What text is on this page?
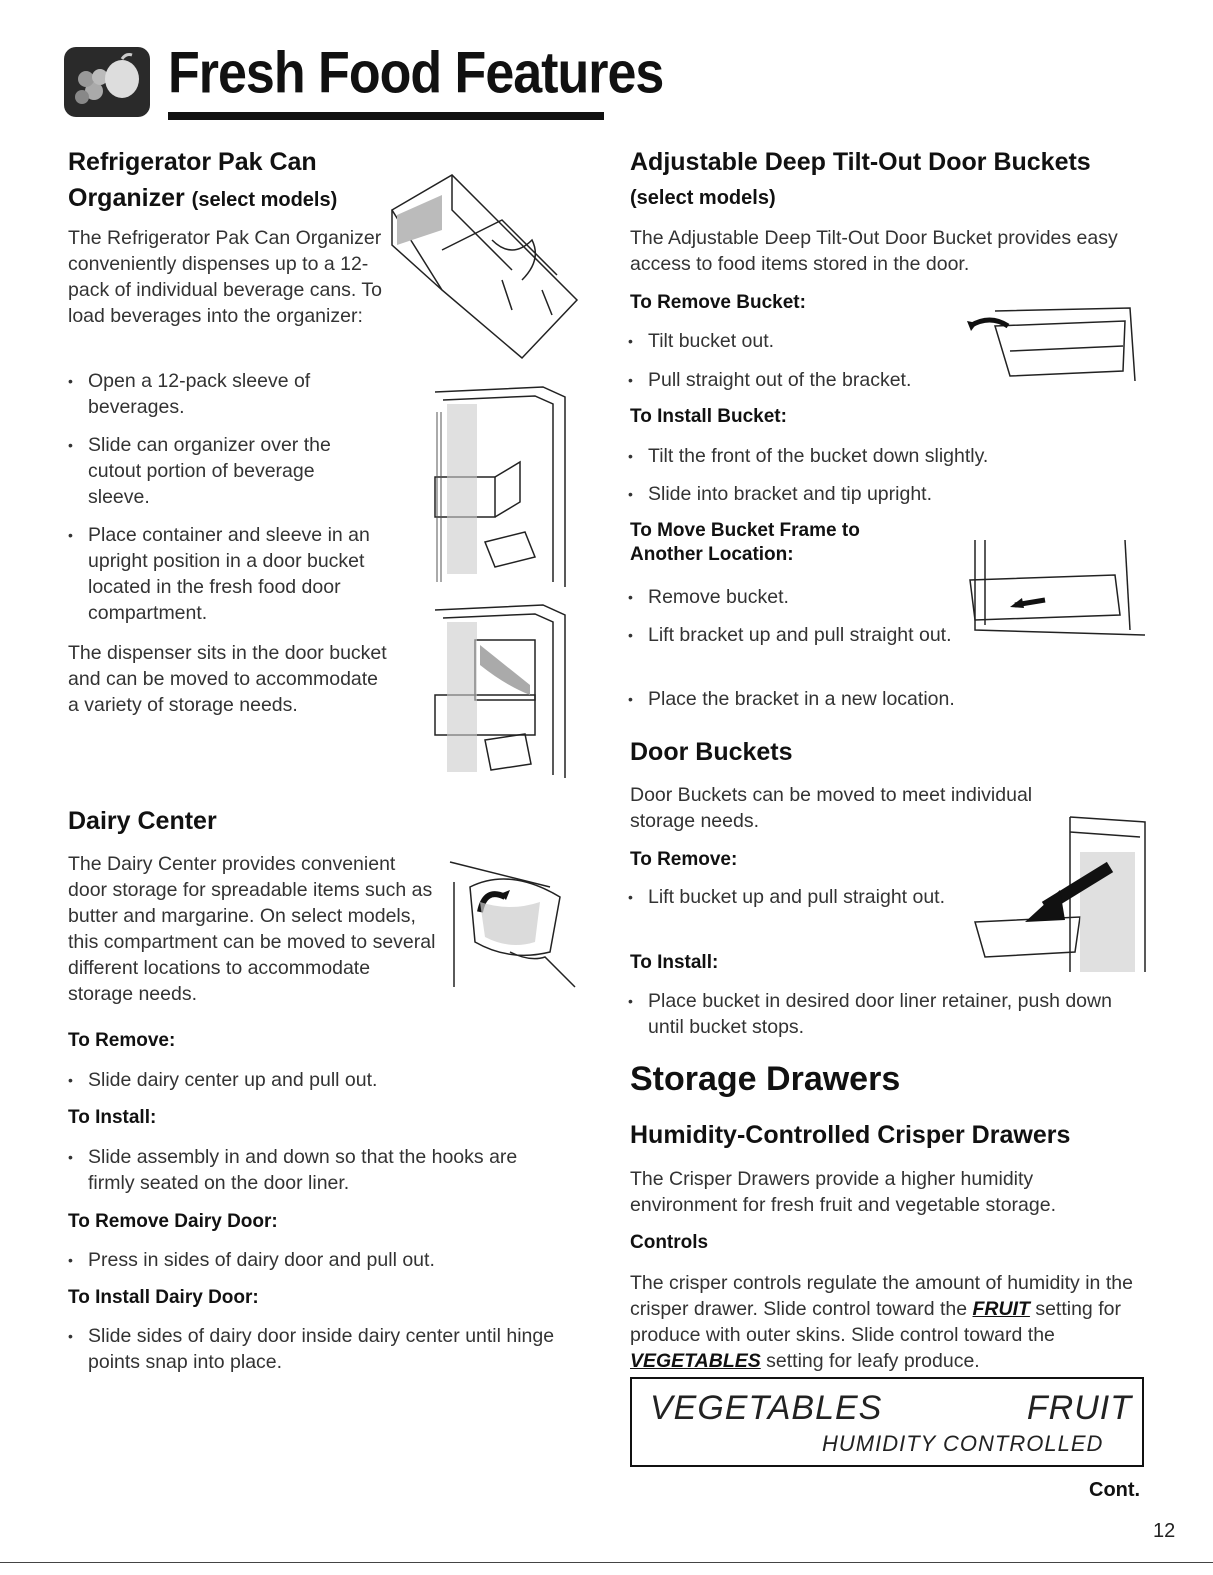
Fresh Food Features
Refrigerator Pak Can
Organizer (select models)
The Refrigerator Pak Can Organizer conveniently dispenses up to a 12-pack of individual beverage cans. To load beverages into the organizer:
• Open a 12-pack sleeve of beverages.
• Slide can organizer over the cutout portion of beverage sleeve.
• Place container and sleeve in an upright position in a door bucket located in the fresh food door compartment.
The dispenser sits in the door bucket and can be moved to accommodate a variety of storage needs.
Dairy Center
The Dairy Center provides convenient door storage for spreadable items such as butter and margarine. On select models, this compartment can be moved to several different locations to accommodate storage needs.
To Remove:
• Slide dairy center up and pull out.
To Install:
• Slide assembly in and down so that the hooks are firmly seated on the door liner.
To Remove Dairy Door:
• Press in sides of dairy door and pull out.
To Install Dairy Door:
• Slide sides of dairy door inside dairy center until hinge points snap into place.
Adjustable Deep Tilt-Out Door Buckets
(select models)
The Adjustable Deep Tilt-Out Door Bucket provides easy access to food items stored in the door.
To Remove Bucket:
• Tilt bucket out.
• Pull straight out of the bracket.
To Install Bucket:
• Tilt the front of the bucket down slightly.
• Slide into bracket and tip upright.
To Move Bucket Frame to Another Location:
• Remove bucket.
• Lift bracket up and pull straight out.
• Place the bracket in a new location.
Door Buckets
Door Buckets can be moved to meet individual storage needs.
To Remove:
• Lift bucket up and pull straight out.
To Install:
• Place bucket in desired door liner retainer, push down until bucket stops.
Storage Drawers
Humidity-Controlled Crisper Drawers
The Crisper Drawers provide a higher humidity environment for fresh fruit and vegetable storage.
Controls
The crisper controls regulate the amount of humidity in the crisper drawer. Slide control toward the FRUIT setting for produce with outer skins. Slide control toward the VEGETABLES setting for leafy produce.
VEGETABLES	FRUIT
HUMIDITY CONTROLLED
Cont.
12
